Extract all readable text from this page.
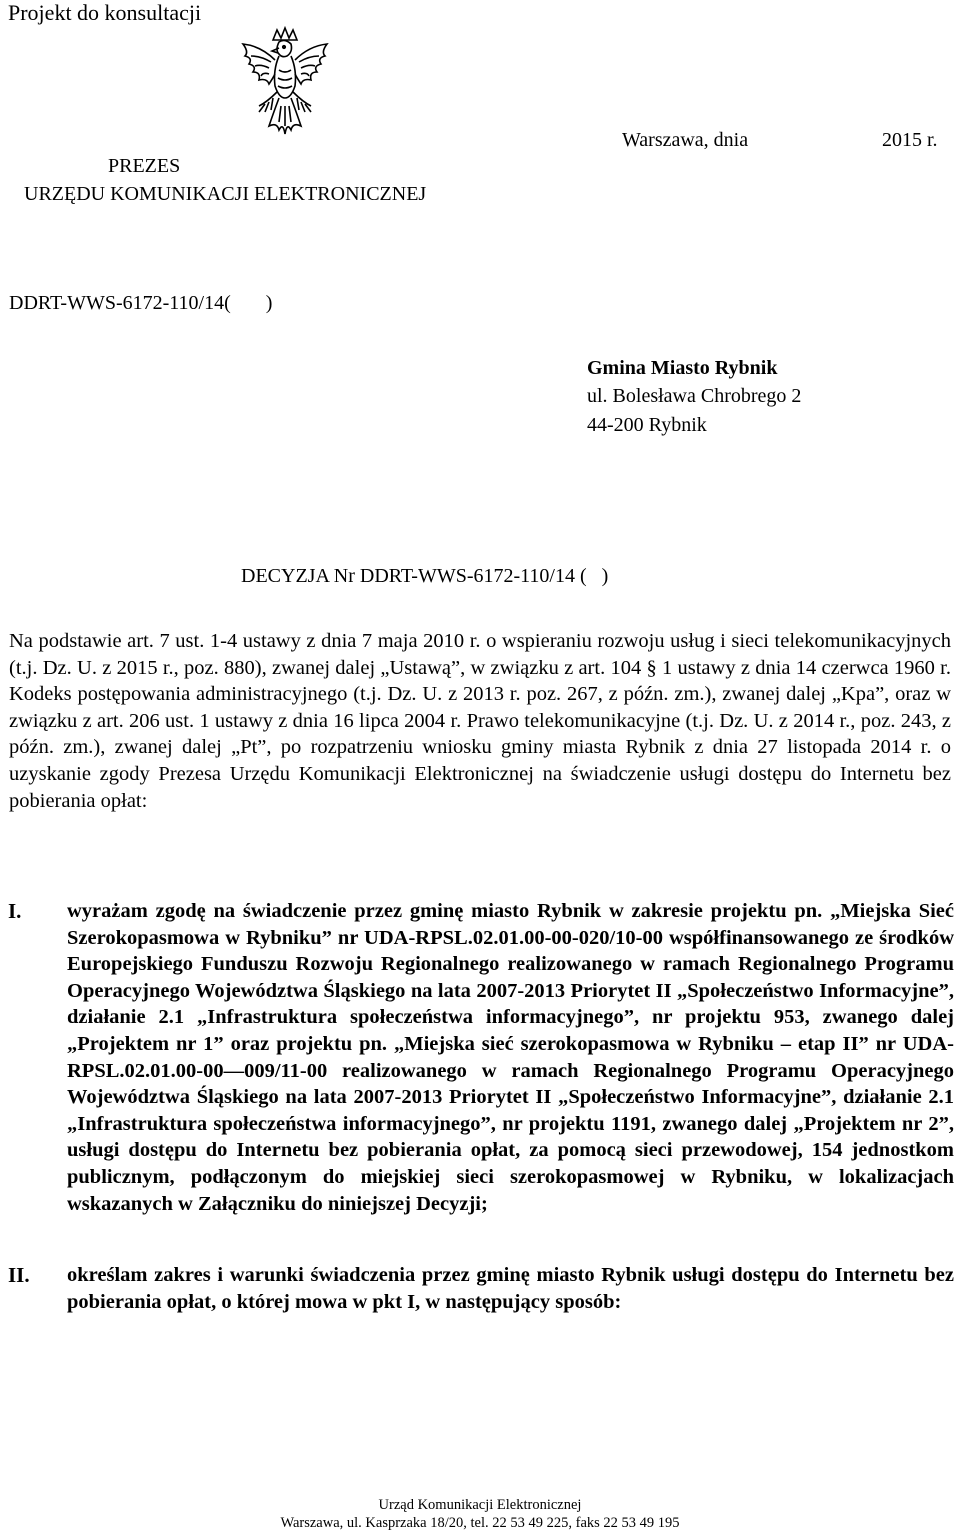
Projekt do konsultacji
PREZES
URZĘDU KOMUNIKACJI ELEKTRONICZNEJ
Warszawa, dnia	2015 r.
DDRT-WWS-6172-110/14(       )
Gmina Miasto Rybnik
ul. Bolesława Chrobrego 2
44-200 Rybnik
DECYZJA Nr DDRT-WWS-6172-110/14 (   )

Na podstawie art. 7 ust. 1-4 ustawy z dnia 7 maja 2010 r. o wspieraniu rozwoju usług i sieci telekomunikacyjnych (t.j. Dz. U. z 2015 r., poz. 880), zwanej dalej „Ustawą”, w związku z art. 104 § 1 ustawy z dnia 14 czerwca 1960 r. Kodeks postępowania administracyjnego (t.j. Dz. U. z 2013 r. poz. 267, z późn. zm.), zwanej dalej „Kpa”, oraz w związku z art. 206 ust. 1 ustawy z dnia 16 lipca 2004 r. Prawo telekomunikacyjne (t.j. Dz. U. z 2014 r., poz. 243, z późn. zm.), zwanej dalej „Pt”, po rozpatrzeniu wniosku gminy miasta Rybnik z dnia 27 listopada 2014 r. o uzyskanie zgody Prezesa Urzędu Komunikacji Elektronicznej na świadczenie usługi dostępu do Internetu bez pobierania opłat:

I. wyrażam zgodę na świadczenie przez gminę miasto Rybnik w zakresie projektu pn. „Miejska Sieć Szerokopasmowa w Rybniku” nr UDA-RPSL.02.01.00-00-020/10-00 współfinansowanego ze środków Europejskiego Funduszu Rozwoju Regionalnego realizowanego w ramach Regionalnego Programu Operacyjnego Województwa Śląskiego na lata 2007-2013 Priorytet II „Społeczeństwo Informacyjne”, działanie 2.1 „Infrastruktura społeczeństwa informacyjnego”, nr projektu 953, zwanego dalej „Projektem nr 1” oraz projektu pn. „Miejska sieć szerokopasmowa w Rybniku – etap II” nr UDA-RPSL.02.01.00-00—009/11-00 realizowanego w ramach Regionalnego Programu Operacyjnego Województwa Śląskiego na lata 2007-2013 Priorytet II „Społeczeństwo Informacyjne”, działanie 2.1 „Infrastruktura społeczeństwa informacyjnego”, nr projektu 1191, zwanego dalej „Projektem nr 2”, usługi dostępu do Internetu bez pobierania opłat, za pomocą sieci przewodowej, 154 jednostkom publicznym, podłączonym do miejskiej sieci szerokopasmowej w Rybniku, w lokalizacjach wskazanych w Załączniku do niniejszej Decyzji;
II. określam zakres i warunki świadczenia przez gminę miasto Rybnik usługi dostępu do Internetu bez pobierania opłat, o której mowa w pkt I, w następujący sposób:
Urząd Komunikacji Elektronicznej
Warszawa, ul. Kasprzaka 18/20, tel. 22 53 49 225, faks 22 53 49 195
